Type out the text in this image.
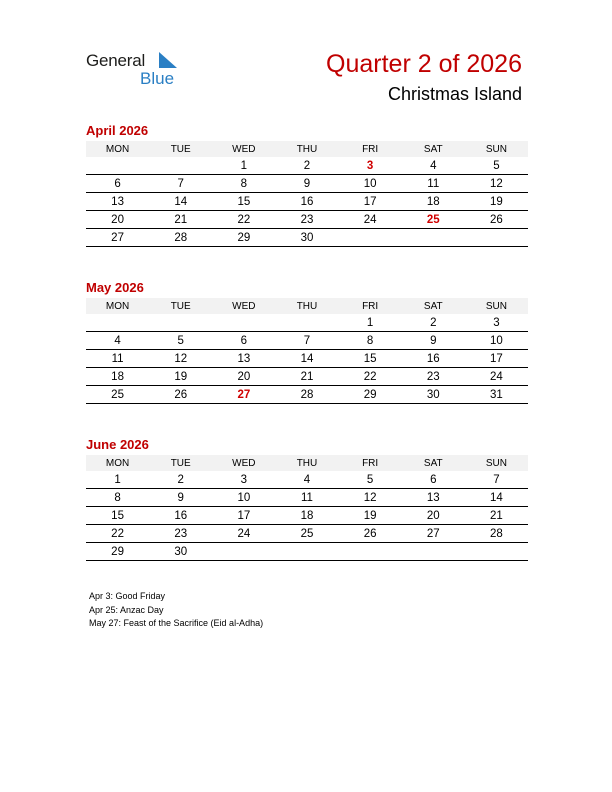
General
Blue
Quarter 2 of 2026
Christmas Island
April 2026
MON	TUE	WED	THU	FRI	SAT	SUN
		1	2	3	4	5
6	7	8	9	10	11	12
13	14	15	16	17	18	19
20	21	22	23	24	25	26
27	28	29	30			
May 2026
MON	TUE	WED	THU	FRI	SAT	SUN
				1	2	3
4	5	6	7	8	9	10
11	12	13	14	15	16	17
18	19	20	21	22	23	24
25	26	27	28	29	30	31
June 2026
MON	TUE	WED	THU	FRI	SAT	SUN
1	2	3	4	5	6	7
8	9	10	11	12	13	14
15	16	17	18	19	20	21
22	23	24	25	26	27	28
29	30					
Apr 3: Good Friday
Apr 25: Anzac Day
May 27: Feast of the Sacrifice (Eid al-Adha)
